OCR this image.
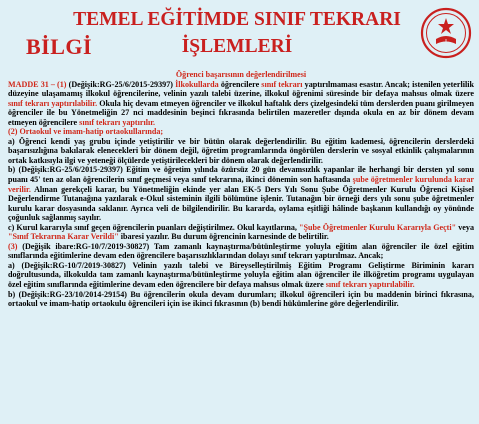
BİLGİ
TEMEL EĞİTİMDE SINIF TEKRARI
İŞLEMLERİ

Öğrenci başarısının değerlendirilmesi

MADDE 31 – (1) (Değişik:RG-25/6/2015-29397) İlkokullarda öğrencilere sınıf tekrarı yaptırılmaması esastır. Ancak; istenilen yeterlilik düzeyine ulaşamamış ilkokul öğrencilerine, velinin yazılı talebi üzerine, ilkokul öğrenimi süresinde bir defaya mahsus olmak üzere sınıf tekrarı yaptırılabilir. Okula hiç devam etmeyen öğrenciler ve ilkokul haftalık ders çizelgesindeki tüm derslerden puanı girilmeyen öğrenciler ile bu Yönetmeliğin 27 nci maddesinin beşinci fıkrasında belirtilen mazeretler dışında okula en az bir dönem devam etmeyen öğrencilere sınıf tekrarı yaptırılır.

(2) Ortaokul ve imam-hatip ortaokullarında;

a) Öğrenci kendi yaş grubu içinde yetiştirilir ve bir bütün olarak değerlendirilir. Bu eğitim kademesi, öğrencilerin derslerdeki başarısızlığına bakılarak elenecekleri bir dönem değil, öğretim programlarında öngörülen derslerin ve sosyal etkinlik çalışmalarının ortak katkısıyla ilgi ve yeteneği ölçülerde yetiştirilecekleri bir dönem olarak değerlendirilir.

b) (Değişik:RG-25/6/2015-29397) Eğitim ve öğretim yılında özürsüz 20 gün devamsızlık yapanlar ile herhangi bir dersten yıl sonu puanı 45' ten az olan öğrencilerin sınıf geçmesi veya sınıf tekrarına, ikinci dönemin son haftasında şube öğretmenler kurulunda karar verilir. Alınan gerekçeli karar, bu Yönetmeliğin ekinde yer alan EK-5 Ders Yılı Sonu Şube Öğretmenler Kurulu Öğrenci Kişisel Değerlendirme Tutanağına yazılarak e-Okul sisteminin ilgili bölümüne işlenir. Tutanağın bir örneği ders yılı sonu şube öğretmenler kurulu karar dosyasında saklanır. Ayrıca veli de bilgilendirilir. Bu kararda, oylama eşitliği hâlinde başkanın kullandığı oy yönünde çoğunluk sağlanmış sayılır.

c) Kurul kararıyla sınıf geçen öğrencilerin puanları değiştirilmez. Okul kayıtlarına, "Şube Öğretmenler Kurulu Kararıyla Geçti" veya "Sınıf Tekrarına Karar Verildi" ibaresi yazılır. Bu durum öğrencinin karnesinde de belirtilir.

(3) (Değişik ibare:RG-10/7/2019-30827) Tam zamanlı kaynaştırma/bütünleştirme yoluyla eğitim alan öğrenciler ile özel eğitim sınıflarında eğitimlerine devam eden öğrencilere başarısızlıklarından dolayı sınıf tekrarı yaptırılmaz. Ancak;

a) (Değişik:RG-10/7/2019-30827) Velinin yazılı talebi ve Bireyselleştirilmiş Eğitim Programı Geliştirme Biriminin kararı doğrultusunda, ilkokulda tam zamanlı kaynaştırma/bütünleştirme yoluyla eğitim alan öğrenciler ile ilköğretim programı uygulayan özel eğitim sınıflarında eğitimlerine devam eden öğrencilere bir defaya mahsus olmak üzere sınıf tekrarı yaptırılabilir.

b) (Değişik:RG-23/10/2014-29154) Bu öğrencilerin okula devam durumları; ilkokul öğrencileri için bu maddenin birinci fıkrasına, ortaokul ve imam-hatip ortaokulu öğrencileri için ise ikinci fıkrasının (b) bendi hükümlerine göre değerlendirilir.
